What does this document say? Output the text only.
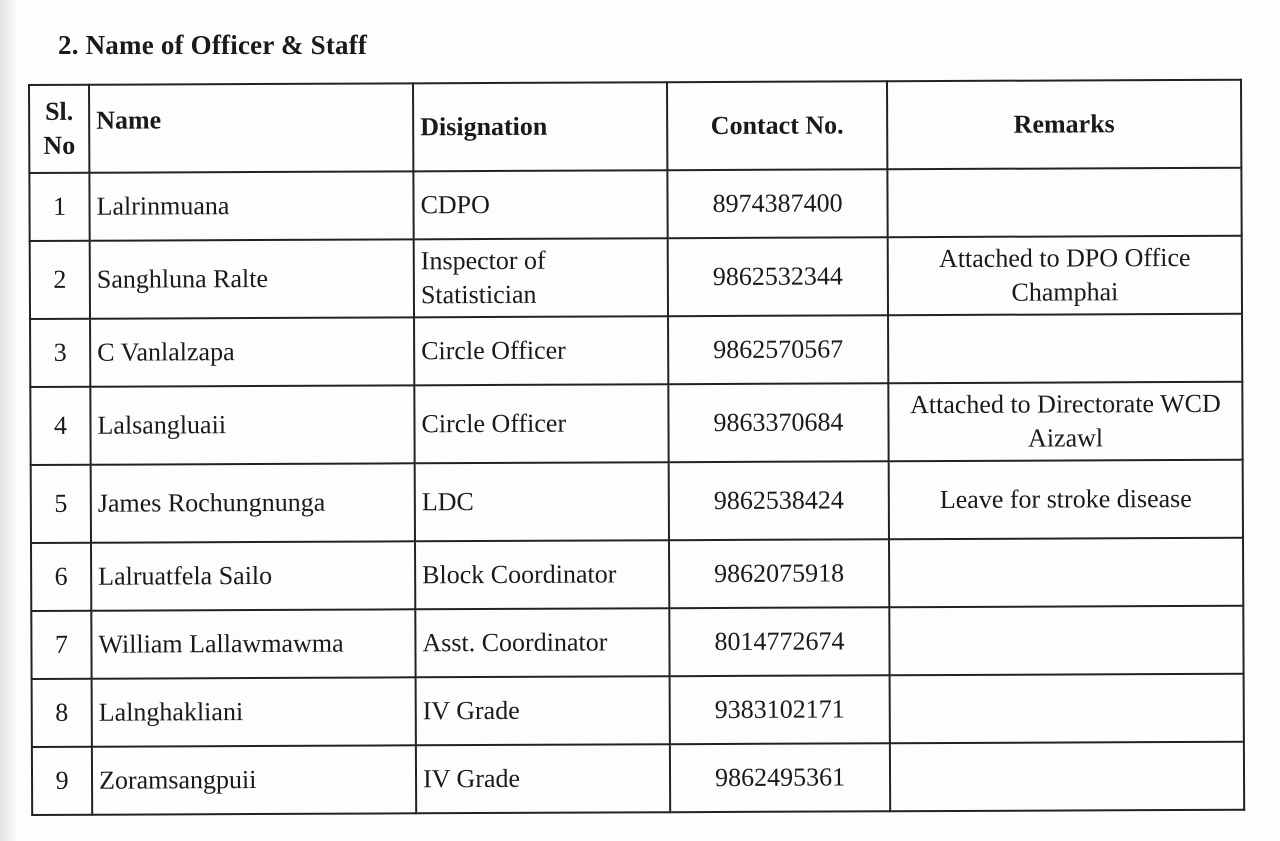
2. Name of Officer & Staff
Sl. No	Name	Disignation	Contact No.	Remarks
1	Lalrinmuana	CDPO	8974387400	
2	Sanghluna Ralte	Inspector of Statistician	9862532344	Attached to DPO Office Champhai
3	C Vanlalzapa	Circle Officer	9862570567	
4	Lalsangluaii	Circle Officer	9863370684	Attached to Directorate WCD Aizawl
5	James Rochungnunga	LDC	9862538424	Leave for stroke disease
6	Lalruatfela Sailo	Block Coordinator	9862075918	
7	William Lallawmawma	Asst. Coordinator	8014772674	
8	Lalnghakliani	IV Grade	9383102171	
9	Zoramsangpuii	IV Grade	9862495361	
